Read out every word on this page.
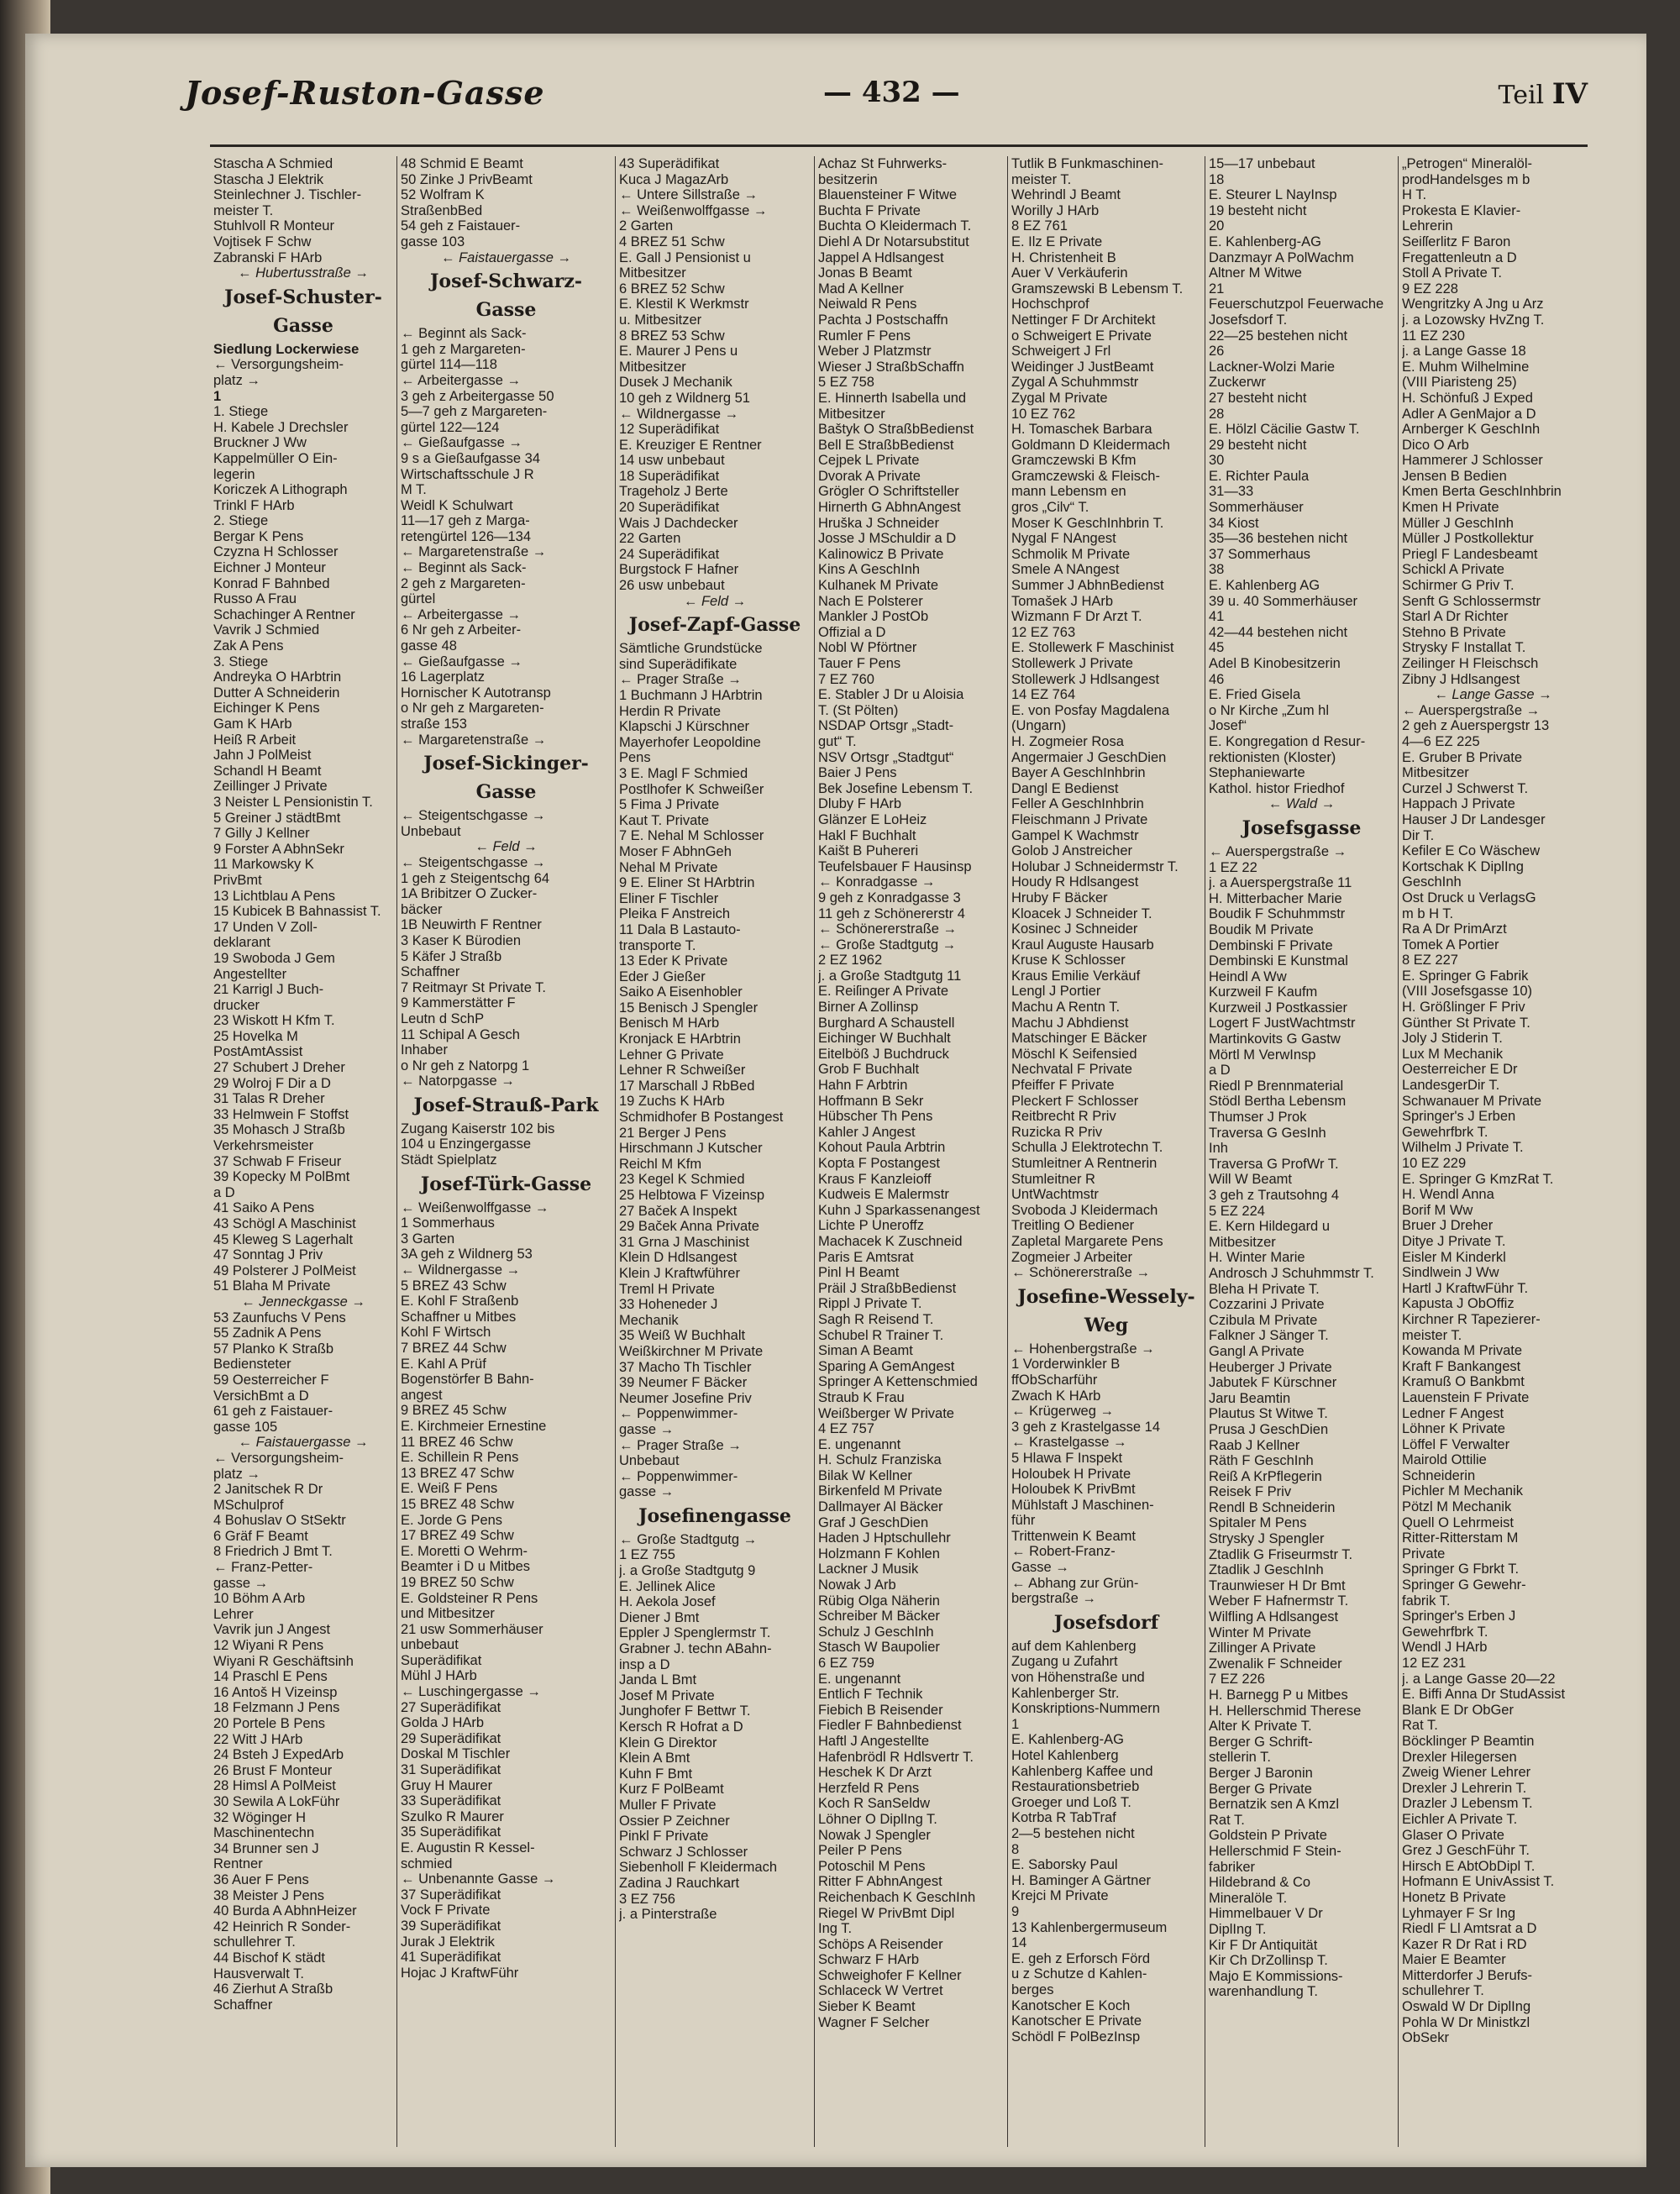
Josef-Ruston-Gasse	— 432 —	Teil IV
Stascha A Schmied
Stascha J Elektrik
Steinlechner J. Tischler-
meister T.
Stuhlvoll R Monteur
Vojtisek F Schw
Zabranski F HArb
← Hubertusstraße →
Josef-Schuster-
Gasse
Siedlung Lockerwiese
← Versorgungsheim-
platz →
1
1. Stiege
H. Kabele J Drechsler
Bruckner J Ww
Kappelmüller O Ein-
legerin
Koriczek A Lithograph
Trinkl F HArb
2. Stiege
Bergar K Pens
Czyzna H Schlosser
Eichner J Monteur
Konrad F Bahnbed
Russo A Frau
Schachinger A Rentner
Vavrik J Schmied
Zak A Pens
3. Stiege
Andreyka O HArbtrin
Dutter A Schneiderin
Eichinger K Pens
Gam K HArb
Heiß R Arbeit
Jahn J PolMeist
Schandl H Beamt
Zeillinger J Private
3 Neister L Pensionistin T.
5 Greiner J städtBmt
7 Gilly J Kellner
9 Forster A AbhnSekr
11 Markowsky K
PrivBmt
13 Lichtblau A Pens
15 Kubicek B Bahnassist T.
17 Unden V Zoll-
deklarant
19 Swoboda J Gem
Angestellter
21 Karrigl J Buch-
drucker
23 Wiskott H Kfm T.
25 Hovelka M
PostAmtAssist
27 Schubert J Dreher
29 Wolroj F Dir a D
31 Talas R Dreher
33 Helmwein F Stoffst
35 Mohasch J Straßb
Verkehrsmeister
37 Schwab F Friseur
39 Kopecky M PolBmt
a D
41 Saiko A Pens
43 Schögl A Maschinist
45 Kleweg S Lagerhalt
47 Sonntag J Priv
49 Polsterer J PolMeist
51 Blaha M Private
← Jenneckgasse →
53 Zaunfuchs V Pens
55 Zadnik A Pens
57 Planko K Straßb
Bediensteter
59 Oesterreicher F
VersichBmt a D
61 geh z Faistauer-
gasse 105
← Faistauergasse →
← Versorgungsheim-
platz →
2 Janitschek R Dr
MSchulprof
4 Bohuslav O StSektr
6 Gräf F Beamt
8 Friedrich J Bmt T.
← Franz-Petter-
gasse →
10 Böhm A Arb
Lehrer
Vavrik jun J Angest
12 Wiyani R Pens
Wiyani R Geschäftsinh
14 Praschl E Pens
16 Antoš H Vizeinsp
18 Felzmann J Pens
20 Portele B Pens
22 Witt J HArb
24 Bsteh J ExpedArb
26 Brust F Monteur
28 Himsl A PolMeist
30 Sewila A LokFühr
32 Wöginger H
Maschinentechn
34 Brunner sen J
Rentner
36 Auer F Pens
38 Meister J Pens
40 Burda A AbhnHeizer
42 Heinrich R Sonder-
schullehrer T.
44 Bischof K städt
Hausverwalt T.
46 Zierhut A Straßb
Schaffner
48 Schmid E Beamt
50 Zinke J PrivBeamt
52 Wolfram K
StraßenbBed
54 geh z Faistauer-
gasse 103
← Faistauergasse →
Josef-Schwarz-
Gasse
← Beginnt als Sack-
1 geh z Margareten-
gürtel 114—118
← Arbeitergasse →
3 geh z Arbeitergasse 50
5—7 geh z Margareten-
gürtel 122—124
← Gießaufgasse →
9 s a Gießaufgasse 34
Wirtschaftsschule J R
M T.
Weidl K Schulwart
11—17 geh z Marga-
retengürtel 126—134
← Margaretenstraße →
← Beginnt als Sack-
2 geh z Margareten-
gürtel
← Arbeitergasse →
6 Nr geh z Arbeiter-
gasse 48
← Gießaufgasse →
16 Lagerplatz
Hornischer K Autotransp
o Nr geh z Margareten-
straße 153
← Margaretenstraße →
Josef-Sickinger-
Gasse
← Steigentschgasse →
Unbebaut
← Feld →
← Steigentschgasse →
1 geh z Steigentschg 64
1A Bribitzer O Zucker-
bäcker
1B Neuwirth F Rentner
3 Kaser K Bürodien
5 Käfer J Straßb
Schaffner
7 Reitmayr St Private T.
9 Kammerstätter F
Leutn d SchP
11 Schipal A Gesch
Inhaber
o Nr geh z Natorpg 1
← Natorpgasse →
Josef-Strauß-Park
Zugang Kaiserstr 102 bis
104 u Enzingergasse
Städt Spielplatz
Josef-Türk-Gasse
← Weißenwolffgasse →
1 Sommerhaus
3 Garten
3A geh z Wildnerg 53
← Wildnergasse →
5 BREZ 43 Schw
E. Kohl F Straßenb
Schaffner u Mitbes
Kohl F Wirtsch
7 BREZ 44 Schw
E. Kahl A Prüf
Bogenstörfer B Bahn-
angest
9 BREZ 45 Schw
E. Kirchmeier Ernestine
11 BREZ 46 Schw
E. Schillein R Pens
13 BREZ 47 Schw
E. Weiß F Pens
15 BREZ 48 Schw
E. Jorde G Pens
17 BREZ 49 Schw
E. Moretti O Wehrm-
Beamter i D u Mitbes
19 BREZ 50 Schw
E. Goldsteiner R Pens
und Mitbesitzer
21 usw Sommerhäuser
unbebaut
Superädifikat
Mühl J HArb
← Luschingergasse →
27 Superädifikat
Golda J HArb
29 Superädifikat
Doskal M Tischler
31 Superädifikat
Gruy H Maurer
33 Superädifikat
Szulko R Maurer
35 Superädifikat
E. Augustin R Kessel-
schmied
← Unbenannte Gasse →
37 Superädifikat
Vock F Private
39 Superädifikat
Jurak J Elektrik
41 Superädifikat
Hojac J KraftwFühr
43 Superädifikat
Kuca J MagazArb
← Untere Sillstraße →
← Weißenwolffgasse →
2 Garten
4 BREZ 51 Schw
E. Gall J Pensionist u
Mitbesitzer
6 BREZ 52 Schw
E. Klestil K Werkmstr
u. Mitbesitzer
8 BREZ 53 Schw
E. Maurer J Pens u
Mitbesitzer
Dusek J Mechanik
10 geh z Wildnerg 51
← Wildnergasse →
12 Superädifikat
E. Kreuziger E Rentner
14 usw unbebaut
18 Superädifikat
Trageholz J Berte
20 Superädifikat
Wais J Dachdecker
22 Garten
24 Superädifikat
Burgstock F Hafner
26 usw unbebaut
← Feld →
Josef-Zapf-Gasse
Sämtliche Grundstücke
sind Superädifikate
← Prager Straße →
1 Buchmann J HArbtrin
Herdin R Private
Klapschi J Kürschner
Mayerhofer Leopoldine
Pens
3 E. Magl F Schmied
Postlhofer K Schweißer
5 Fima J Private
Kaut T. Private
7 E. Nehal M Schlosser
Moser F AbhnGeh
Nehal M Private
9 E. Eliner St HArbtrin
Eliner F Tischler
Pleika F Anstreich
11 Dala B Lastauto-
transporte T.
13 Eder K Private
Eder J Gießer
Saiko A Eisenhobler
15 Benisch J Spengler
Benisch M HArb
Kronjack E HArbtrin
Lehner G Private
Lehner R Schweißer
17 Marschall J RbBed
19 Zuchs K HArb
Schmidhofer B Postangest
21 Berger J Pens
Hirschmann J Kutscher
Reichl M Kfm
23 Kegel K Schmied
25 Helbtowa F Vizeinsp
27 Baček A Inspekt
29 Baček Anna Private
31 Grna J Maschinist
Klein D Hdlsangest
Klein J Kraftwführer
Treml H Private
33 Hoheneder J
Mechanik
35 Weiß W Buchhalt
Weißkirchner M Private
37 Macho Th Tischler
39 Neumer F Bäcker
Neumer Josefine Priv
← Poppenwimmer-
gasse →
← Prager Straße →
Unbebaut
← Poppenwimmer-
gasse →
Josefinengasse
← Große Stadtgutg →
1 EZ 755
j. a Große Stadtgutg 9
E. Jellinek Alice
H. Aekola Josef
Diener J Bmt
Eppler J Spenglermstr T.
Grabner J. techn ABahn-
insp a D
Janda L Bmt
Josef M Private
Junghofer F Bettwr T.
Kersch R Hofrat a D
Klein G Direktor
Klein A Bmt
Kuhn F Bmt
Kurz F PolBeamt
Muller F Private
Ossier P Zeichner
Pinkl F Private
Schwarz J Schlosser
Siebenholl F Kleidermach
Zadina J Rauchkart
3 EZ 756
j. a Pinterstraße
Achaz St Fuhrwerks-
besitzerin
Blauensteiner F Witwe
Buchta F Private
Buchta O Kleidermach T.
Diehl A Dr Notarsubstitut
Jappel A Hdlsangest
Jonas B Beamt
Mad A Kellner
Neiwald R Pens
Pachta J Postschaffn
Rumler F Pens
Weber J Platzmstr
Wieser J StraßbSchaffn
5 EZ 758
E. Hinnerth Isabella und
Mitbesitzer
Baštyk O StraßbBedienst
Bell E StraßbBedienst
Cejpek L Private
Dvorak A Private
Grögler O Schriftsteller
Hirnerth G AbhnAngest
Hruška J Schneider
Josse J MSchuldir a D
Kalinowicz B Private
Kins A GeschInh
Kulhanek M Private
Nach E Polsterer
Mankler J PostOb
Offizial a D
Nobl W Pförtner
Tauer F Pens
7 EZ 760
E. Stabler J Dr u Aloisia
T. (St Pölten)
NSDAP Ortsgr „Stadt-
gut“ T.
NSV Ortsgr „Stadtgut“
Baier J Pens
Bek Josefine Lebensm T.
Dluby F HArb
Glänzer E LoHeiz
Hakl F Buchhalt
Kaišt B Puhereri
Teufelsbauer F Hausinsp
← Konradgasse →
9 geh z Konradgasse 3
11 geh z Schönererstr 4
← Schönererstraße →
← Große Stadtgutg →
2 EZ 1962
j. a Große Stadtgutg 11
E. Reiſinger A Private
Birner A Zollinsp
Burghard A Schaustell
Eichinger W Buchhalt
Eitelböß J Buchdruck
Grob F Buchhalt
Hahn F Arbtrin
Hoffmann B Sekr
Hübscher Th Pens
Kahler J Angest
Kohout Paula Arbtrin
Kopta F Postangest
Kraus F Kanzleioff
Kudweis E Malermstr
Kuhn J Sparkassenangest
Lichte P Uneroffz
Machacek K Zuschneid
Paris E Amtsrat
Pinl H Beamt
Präil J StraßbBedienst
Rippl J Private T.
Sagh R Reisend T.
Schubel R Trainer T.
Siman A Beamt
Sparing A GemAngest
Springer A Kettenschmied
Straub K Frau
Weißberger W Private
4 EZ 757
E. ungenannt
H. Schulz Franziska
Bilak W Kellner
Birkenfeld M Private
Dallmayer Al Bäcker
Graf J GeschDien
Haden J Hptschullehr
Holzmann F Kohlen
Lackner J Musik
Nowak J Arb
Rübig Olga Näherin
Schreiber M Bäcker
Schulz J GeschInh
Stasch W Baupolier
6 EZ 759
E. ungenannt
Entlich F Technik
Fiebich B Reisender
Fiedler F Bahnbedienst
Haftl J Angestellte
Hafenbrödl R Hdlsvertr T.
Heschek K Dr Arzt
Herzfeld R Pens
Koch R SanSeldw
Löhner O DiplIng T.
Nowak J Spengler
Peiler P Pens
Potoschil M Pens
Ritter F AbhnAngest
Reichenbach K GeschInh
Riegel W PrivBmt Dipl
Ing T.
Schöps A Reisender
Schwarz F HArb
Schweighofer F Kellner
Schlaceck W Vertret
Sieber K Beamt
Wagner F Selcher
Tutlik B Funkmaschinen-
meister T.
Wehrindl J Beamt
Worilly J HArb
8 EZ 761
E. Ilz E Private
H. Christenheit B
Auer V Verkäuferin
Gramszewski B Lebensm T.
Hochschprof
Nettinger F Dr Architekt
o Schweigert E Private
Schweigert J Frl
Weidinger J JustBeamt
Zygal A Schuhmmstr
Zygal M Private
10 EZ 762
H. Tomaschek Barbara
Goldmann D Kleidermach
Gramczewski B Kfm
Gramczewski & Fleisch-
mann Lebensm en
gros „Cilv“ T.
Moser K GeschInhbrin T.
Nygal F NAngest
Schmolik M Private
Smele A NAngest
Summer J AbhnBedienst
Tomašek J HArb
Wizmann F Dr Arzt T.
12 EZ 763
E. Stollewerk F Maschinist
Stollewerk J Private
Stollewerk J Hdlsangest
14 EZ 764
E. von Posfay Magdalena
(Ungarn)
H. Zogmeier Rosa
Angermaier J GeschDien
Bayer A GeschInhbrin
Dangl E Bedienst
Feller A GeschInhbrin
Fleischmann J Private
Gampel K Wachmstr
Golob J Anstreicher
Holubar J Schneidermstr T.
Houdy R Hdlsangest
Hruby F Bäcker
Kloacek J Schneider T.
Kosinec J Schneider
Kraul Auguste Hausarb
Kruse K Schlosser
Kraus Emilie Verkäuf
Lengl J Portier
Machu A Rentn T.
Machu J Abhdienst
Matschinger E Bäcker
Möschl K Seifensied
Nechvatal F Private
Pfeiffer F Private
Pleckert F Schlosser
Reitbrecht R Priv
Ruzicka R Priv
Schulla J Elektrotechn T.
Stumleitner A Rentnerin
Stumleitner R
UntWachtmstr
Svoboda J Kleidermach
Treitling O Bediener
Zapletal Margarete Pens
Zogmeier J Arbeiter
← Schönererstraße →
Josefine-Wessely-
Weg
← Hohenbergstraße →
1 Vorderwinkler B
ffObScharführ
Zwach K HArb
← Krügerweg →
3 geh z Krastelgasse 14
← Krastelgasse →
5 Hlawa F Inspekt
Holoubek H Private
Holoubek K PrivBmt
Mühlstaft J Maschinen-
führ
Trittenwein K Beamt
← Robert-Franz-
Gasse →
← Abhang zur Grün-
bergstraße →
Josefsdorf
auf dem Kahlenberg
Zugang u Zufahrt
von Höhenstraße und
Kahlenberger Str.
Konskriptions-Nummern
1
E. Kahlenberg-AG
Hotel Kahlenberg
Kahlenberg Kaffee und
Restaurationsbetrieb
Groeger und Loß T.
Kotrba R TabTraf
2—5 bestehen nicht
8
E. Saborsky Paul
H. Baminger A Gärtner
Krejci M Private
9
13 Kahlenbergermuseum
14
E. geh z Erforsch Förd
u z Schutze d Kahlen-
berges
Kanotscher E Koch
Kanotscher E Private
Schödl F PolBezInsp
15—17 unbebaut
18
E. Steurer L NayInsp
19 besteht nicht
20
E. Kahlenberg-AG
Danzmayr A PolWachm
Altner M Witwe
21
Feuerschutzpol Feuerwache
Josefsdorf T.
22—25 bestehen nicht
26
Lackner-Wolzi Marie
Zuckerwr
27 besteht nicht
28
E. Hölzl Cäcilie Gastw T.
29 besteht nicht
30
E. Richter Paula
31—33
Sommerhäuser
34 Kiost
35—36 bestehen nicht
37 Sommerhaus
38
E. Kahlenberg AG
39 u. 40 Sommerhäuser
41
42—44 bestehen nicht
45
Adel B Kinobesitzerin
46
E. Fried Gisela
o Nr Kirche „Zum hl
Josef“
E. Kongregation d Resur-
rektionisten (Kloster)
Stephaniewarte
Kathol. histor Friedhof
← Wald →
Josefsgasse
← Auerspergstraße →
1 EZ 22
j. a Auerspergstraße 11
H. Mitterbacher Marie
Boudik F Schuhmmstr
Boudik M Private
Dembinski F Private
Dembinski E Kunstmal
Heindl A Ww
Kurzweil F Kaufm
Kurzweil J Postkassier
Logert F JustWachtmstr
Martinkovits G Gastw
Mörtl M VerwInsp
a D
Riedl P Brennmaterial
Stödl Bertha Lebensm
Thumser J Prok
Traversa G GesInh
Inh
Traversa G ProfWr T.
Will W Beamt
3 geh z Trautsohng 4
5 EZ 224
E. Kern Hildegard u
Mitbesitzer
H. Winter Marie
Androsch J Schuhmmstr T.
Bleha H Private T.
Cozzarini J Private
Czibula M Private
Falkner J Sänger T.
Gangl A Private
Heuberger J Private
Jabutek F Kürschner
Jaru Beamtin
Plautus St Witwe T.
Prusa J GeschDien
Raab J Kellner
Räth F GeschInh
Reiß A KrPflegerin
Reisek F Priv
Rendl B Schneiderin
Spitaler M Pens
Strysky J Spengler
Ztadlik G Friseurmstr T.
Ztadlik J GeschInh
Traunwieser H Dr Bmt
Weber F Hafnermstr T.
Wilfling A Hdlsangest
Winter M Private
Zillinger A Private
Zwenalik F Schneider
7 EZ 226
H. Barnegg P u Mitbes
H. Hellerschmid Therese
Alter K Private T.
Berger G Schrift-
stellerin T.
Berger J Baronin
Berger G Private
Bernatzik sen A Kmzl
Rat T.
Goldstein P Private
Hellerschmid F Stein-
fabriker
Hildebrand & Co
Mineralöle T.
Himmelbauer V Dr
DiplIng T.
Kir F Dr Antiquität
Kir Ch DrZollinsp T.
Majo E Kommissions-
warenhandlung T.
„Petrogen“ Mineralöl-
prodHandelsges m b
H T.
Prokesta E Klavier-
Lehrerin
Seiſſerlitz F Baron
Fregattenleutn a D
Stoll A Private T.
9 EZ 228
Wengritzky A Jng u Arz
j. a Lozowsky HvZng T.
11 EZ 230
j. a Lange Gasse 18
E. Muhm Wilhelmine
(VIII Piaristeng 25)
H. Schönfuß J Exped
Adler A GenMajor a D
Arnberger K GeschInh
Dico O Arb
Hammerer J Schlosser
Jensen B Bedien
Kmen Berta GeschInhbrin
Kmen H Private
Müller J GeschInh
Müller J Postkollektur
Priegl F Landesbeamt
Schickl A Private
Schirmer G Priv T.
Senft G Schlossermstr
Starl A Dr Richter
Stehno B Private
Strysky F Installat T.
Zeilinger H Fleischsch
Zibny J Hdlsangest
← Lange Gasse →
← Auerspergstraße →
2 geh z Auerspergstr 13
4—6 EZ 225
E. Gruber B Private
Mitbesitzer
Curzel J Schwerst T.
Happach J Private
Hauser J Dr Landesger
Dir T.
Kefiler E Co Wäschew
Kortschak K DiplIng
GeschInh
Ost Druck u VerlagsG
m b H T.
Ra A Dr PrimArzt
Tomek A Portier
8 EZ 227
E. Springer G Fabrik
(VIII Josefsgasse 10)
H. Größlinger F Priv
Günther St Private T.
Joly J Stiderin T.
Lux M Mechanik
Oesterreicher E Dr
LandesgerDir T.
Schwanauer M Private
Springer's J Erben
Gewehrfbrk T.
Wilhelm J Private T.
10 EZ 229
E. Springer G KmzRat T.
H. Wendl Anna
Borif M Ww
Bruer J Dreher
Ditye J Private T.
Eisler M Kinderkl
Sindlwein J Ww
Hartl J KraftwFühr T.
Kapusta J ObOffiz
Kirchner R Tapezierer-
meister T.
Kowanda M Private
Kraft F Bankangest
Kramuß O Bankbmt
Lauenstein F Private
Ledner F Angest
Löhner K Private
Löffel F Verwalter
Mairold Ottilie
Schneiderin
Pichler M Mechanik
Pötzl M Mechanik
Quell O Lehrmeist
Ritter-Ritterstam M
Private
Springer G Fbrkt T.
Springer G Gewehr-
fabrik T.
Springer's Erben J
Gewehrfbrk T.
Wendl J HArb
12 EZ 231
j. a Lange Gasse 20—22
E. Biffi Anna Dr StudAssist
Blank E Dr ObGer
Rat T.
Böcklinger P Beamtin
Drexler Hilegersen
Zweig Wiener Lehrer
Drexler J Lehrerin T.
Drazler J Lebensm T.
Eichler A Private T.
Glaser O Private
Grez J GeschFühr T.
Hirsch E AbtObDipl T.
Hofmann E UnivAssist T.
Honetz B Private
Lyhmayer F Sr Ing
Riedl F Ll Amtsrat a D
Kazer R Dr Rat i RD
Maier E Beamter
Mitterdorfer J Berufs-
schullehrer T.
Oswald W Dr DiplIng
Pohla W Dr Ministkzl
ObSekr
